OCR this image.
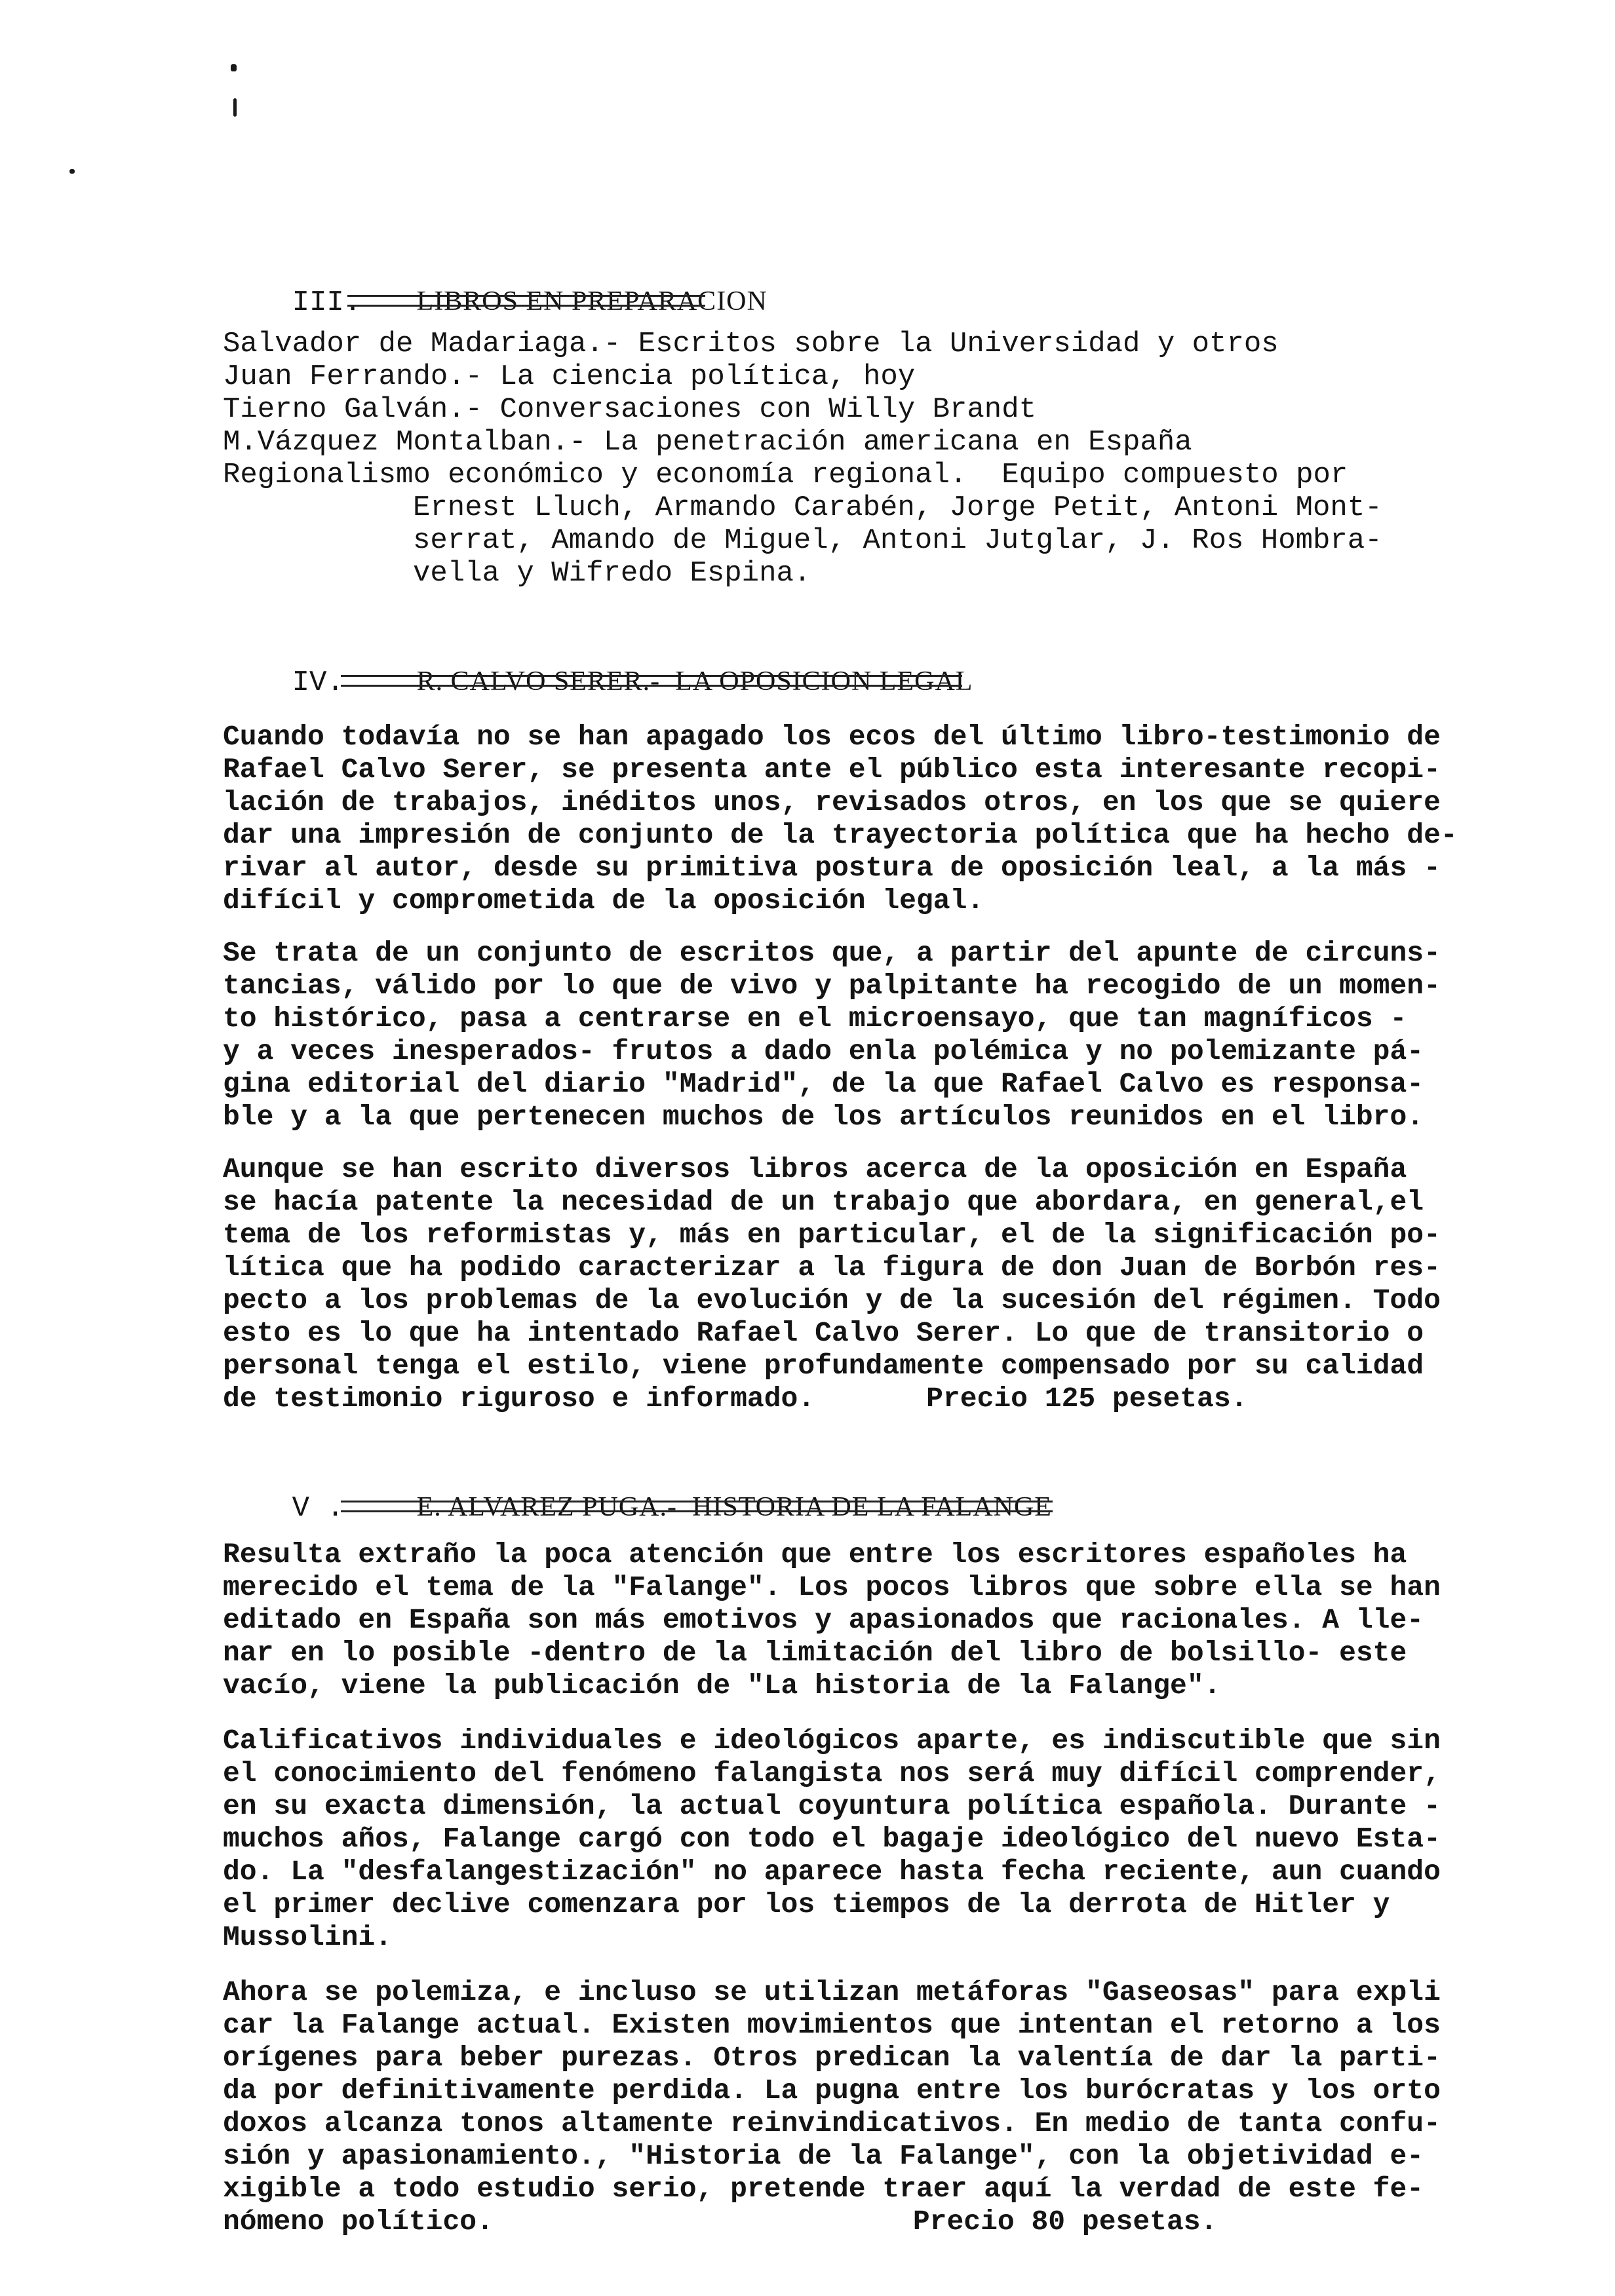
III. LIBROS EN PREPARACION

Salvador de Madariaga.- Escritos sobre la Universidad y otros
Juan Ferrando.- La ciencia política, hoy
Tierno Galván.- Conversaciones con Willy Brandt
M.Vázquez Montalban.- La penetración americana en España
Regionalismo económico y economía regional.  Equipo compuesto por
Ernest Lluch, Armando Carabén, Jorge Petit, Antoni Mont-
serrat, Amando de Miguel, Antoni Jutglar, J. Ros Hombra-
vella y Wifredo Espina.

IV.	R. CALVO SERER.-  LA OPOSICION LEGAL

Cuando todavía no se han apagado los ecos del último libro-testimonio de
Rafael Calvo Serer, se presenta ante el público esta interesante recopi-
lación de trabajos, inéditos unos, revisados otros, en los que se quiere
dar una impresión de conjunto de la trayectoria política que ha hecho de-
rivar al autor, desde su primitiva postura de oposición leal, a la más -
difícil y comprometida de la oposición legal.
Se trata de un conjunto de escritos que, a partir del apunte de circuns-
tancias, válido por lo que de vivo y palpitante ha recogido de un momen-
to histórico, pasa a centrarse en el microensayo, que tan magníficos -
y a veces inesperados- frutos a dado enla polémica y no polemizante pá-
gina editorial del diario "Madrid", de la que Rafael Calvo es responsa-
ble y a la que pertenecen muchos de los artículos reunidos en el libro.
Aunque se han escrito diversos libros acerca de la oposición en España
se hacía patente la necesidad de un trabajo que abordara, en general,el
tema de los reformistas y, más en particular, el de la significación po-
lítica que ha podido caracterizar a la figura de don Juan de Borbón res-
pecto a los problemas de la evolución y de la sucesión del régimen. Todo
esto es lo que ha intentado Rafael Calvo Serer. Lo que de transitorio o
personal tenga el estilo, viene profundamente compensado por su calidad
de testimonio riguroso e informado.	Precio 125 pesetas.

V .	E. ALVAREZ PUGA.-  HISTORIA DE LA FALANGE

Resulta extraño la poca atención que entre los escritores españoles ha
merecido el tema de la "Falange". Los pocos libros que sobre ella se han
editado en España son más emotivos y apasionados que racionales. A lle-
nar en lo posible -dentro de la limitación del libro de bolsillo- este
vacío, viene la publicación de "La historia de la Falange".
Calificativos individuales e ideológicos aparte, es indiscutible que sin
el conocimiento del fenómeno falangista nos será muy difícil comprender,
en su exacta dimensión, la actual coyuntura política española. Durante -
muchos años, Falange cargó con todo el bagaje ideológico del nuevo Esta-
do. La "desfalangestización" no aparece hasta fecha reciente, aun cuando
el primer declive comenzara por los tiempos de la derrota de Hitler y
Mussolini.
Ahora se polemiza, e incluso se utilizan metáforas "Gaseosas" para expli
car la Falange actual. Existen movimientos que intentan el retorno a los
orígenes para beber purezas. Otros predican la valentía de dar la parti-
da por definitivamente perdida. La pugna entre los burócratas y los orto
doxos alcanza tonos altamente reinvindicativos. En medio de tanta confu-
sión y apasionamiento., "Historia de la Falange", con la objetividad e-
xigible a todo estudio serio, pretende traer aquí la verdad de este fe-
nómeno político.	Precio 80 pesetas.
